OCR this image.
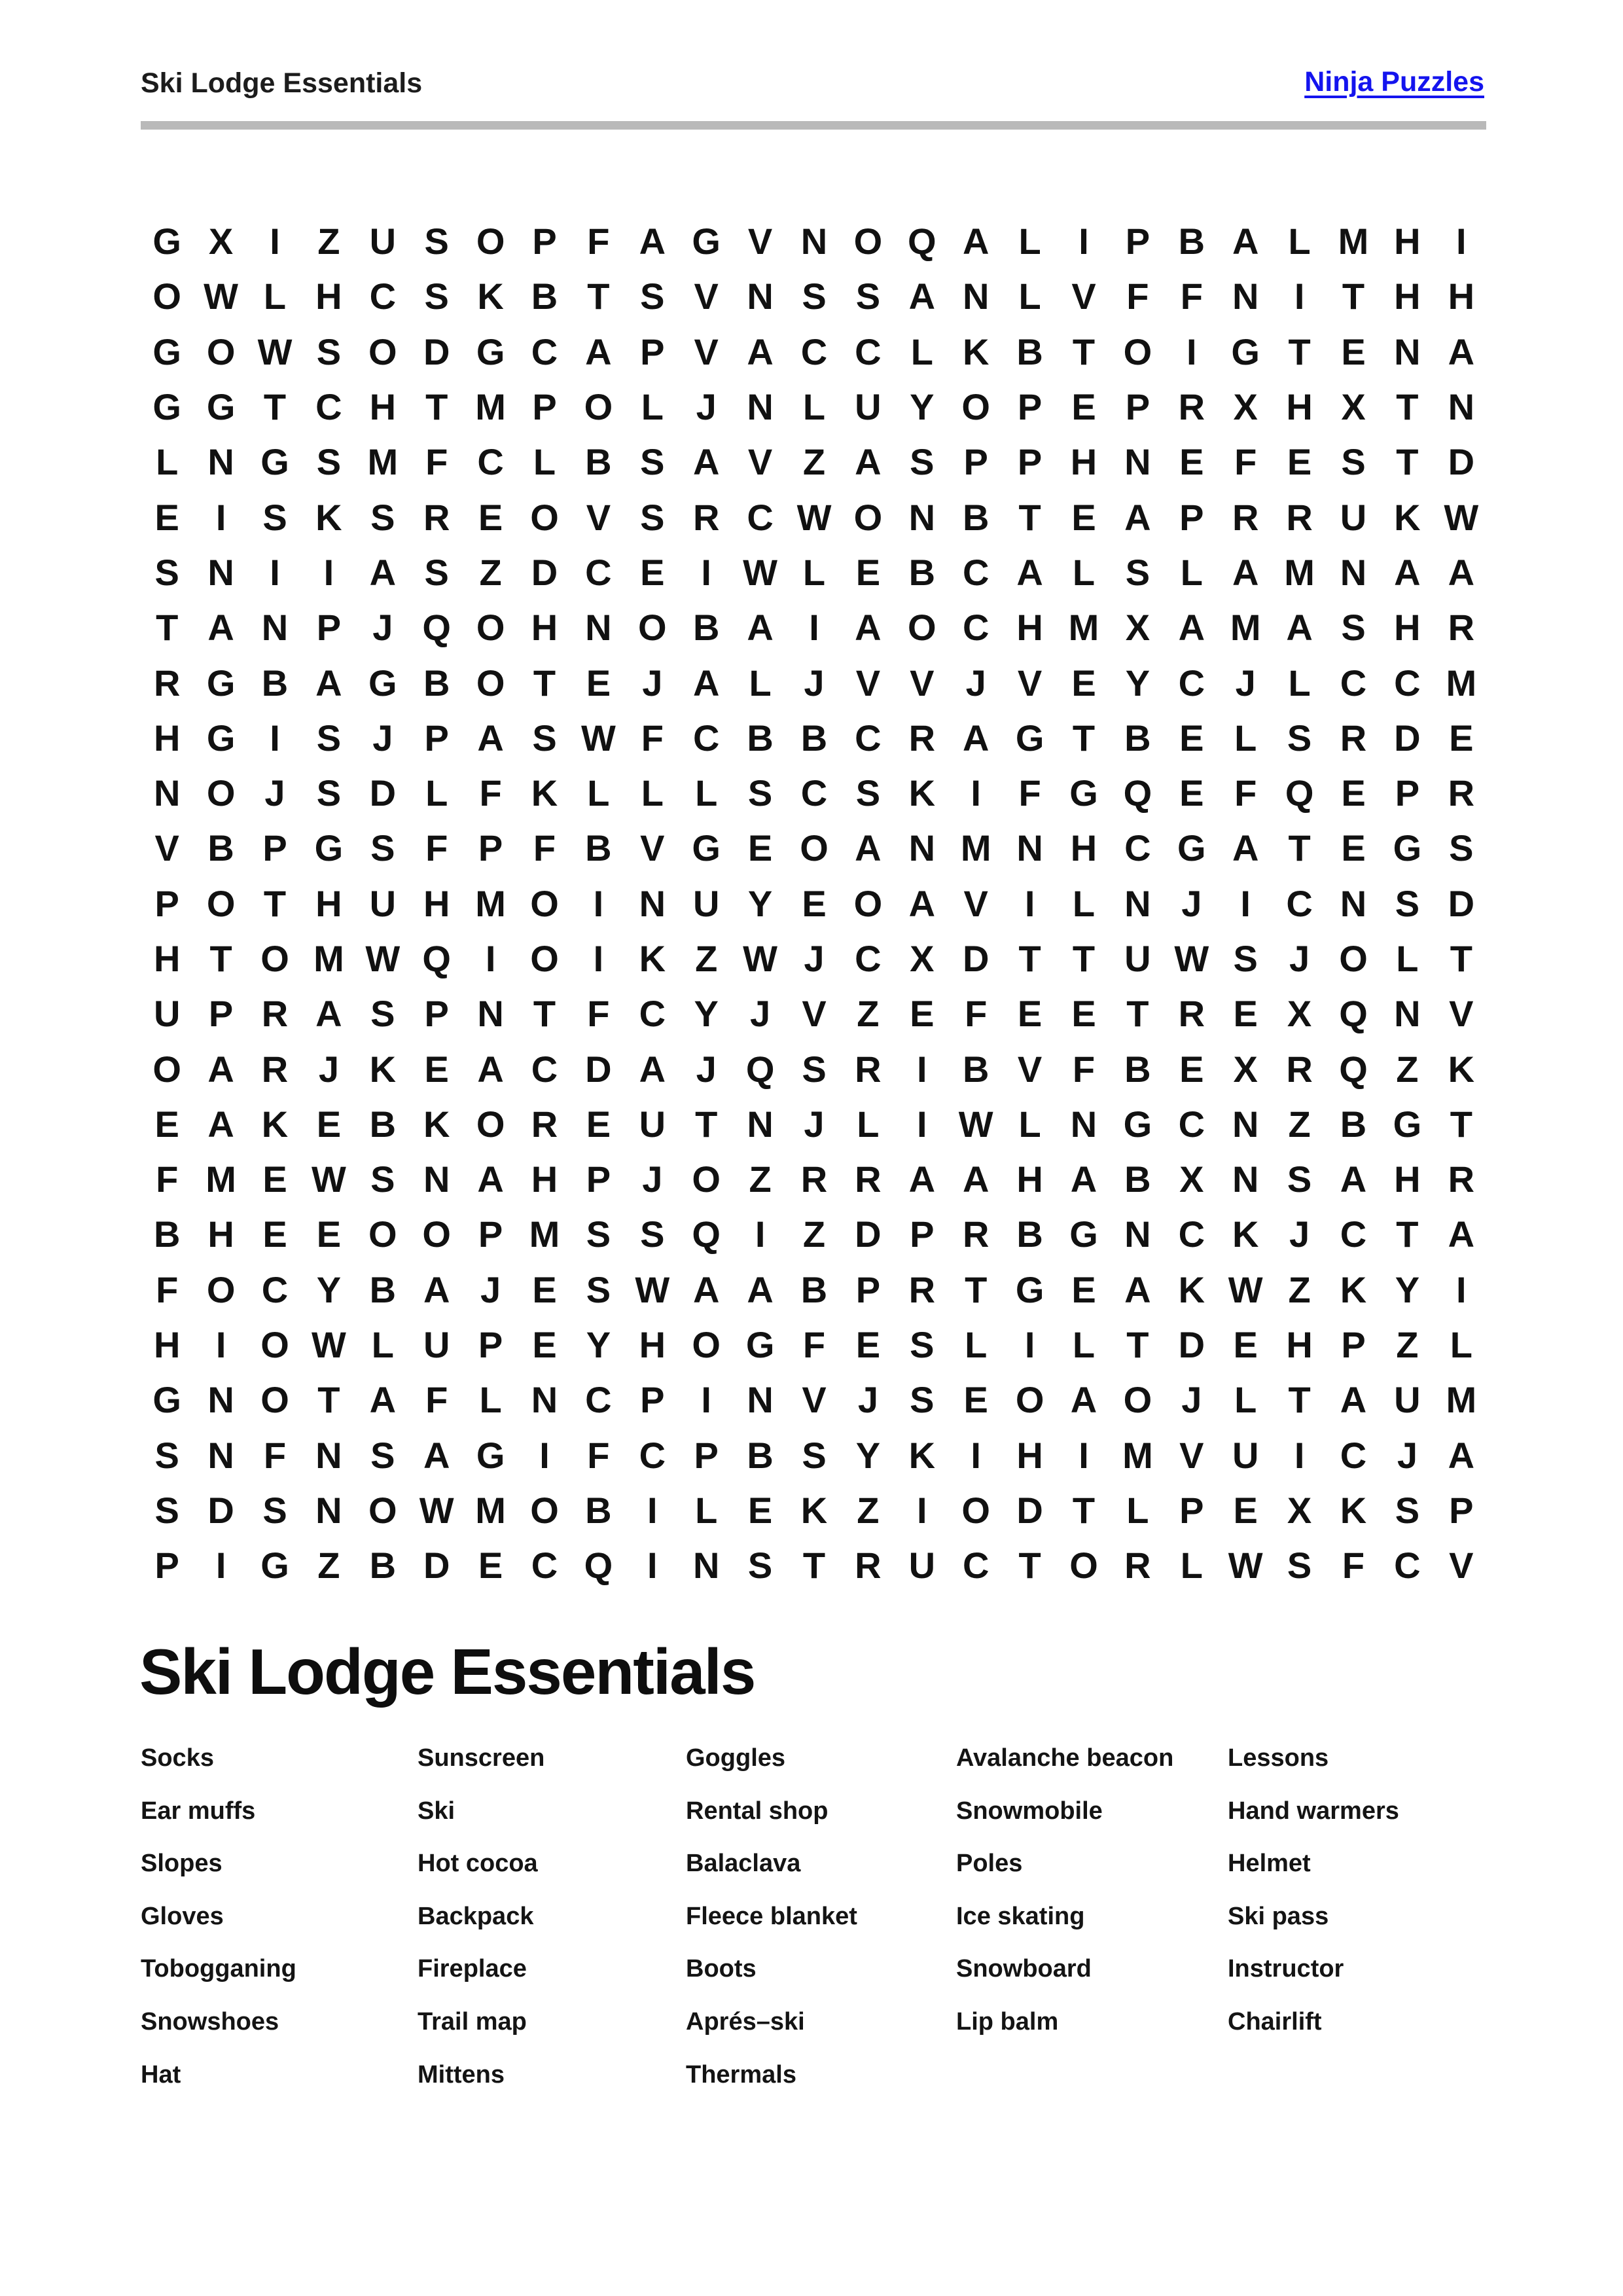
Ski Lodge Essentials	Ninja Puzzles
G X I Z U S O P F A G V N O Q A L I P B A L M H I
O W L H C S K B T S V N S S A N L V F F N I T H H
G O W S O D G C A P V A C C L K B T O I G T E N A
G G T C H T M P O L J N L U Y O P E P R X H X T N
L N G S M F C L B S A V Z A S P P H N E F E S T D
E I S K S R E O V S R C W O N B T E A P R R U K W
S N I I A S Z D C E I W L E B C A L S L A M N A A
T A N P J Q O H N O B A I A O C H M X A M A S H R
R G B A G B O T E J A L J V V J V E Y C J L C C M
H G I S J P A S W F C B B C R A G T B E L S R D E
N O J S D L F K L L L S C S K I F G Q E F Q E P R
V B P G S F P F B V G E O A N M N H C G A T E G S
P O T H U H M O I N U Y E O A V I L N J I C N S D
H T O M W Q I O I K Z W J C X D T T U W S J O L T
U P R A S P N T F C Y J V Z E F E E T R E X Q N V
O A R J K E A C D A J Q S R I B V F B E X R Q Z K
E A K E B K O R E U T N J L I W L N G C N Z B G T
F M E W S N A H P J O Z R R A A H A B X N S A H R
B H E E O O P M S S Q I Z D P R B G N C K J C T A
F O C Y B A J E S W A A B P R T G E A K W Z K Y I
H I O W L U P E Y H O G F E S L I L T D E H P Z L
G N O T A F L N C P I N V J S E O A O J L T A U M
S N F N S A G I F C P B S Y K I H I M V U I C J A
S D S N O W M O B I L E K Z I O D T L P E X K S P
P I G Z B D E C Q I N S T R U C T O R L W S F C V
Ski Lodge Essentials
Socks
Ear muffs
Slopes
Gloves
Tobogganing
Snowshoes
Hat
Sunscreen
Ski
Hot cocoa
Backpack
Fireplace
Trail map
Mittens
Goggles
Rental shop
Balaclava
Fleece blanket
Boots
Aprés–ski
Thermals
Avalanche beacon
Snowmobile
Poles
Ice skating
Snowboard
Lip balm
Lessons
Hand warmers
Helmet
Ski pass
Instructor
Chairlift
